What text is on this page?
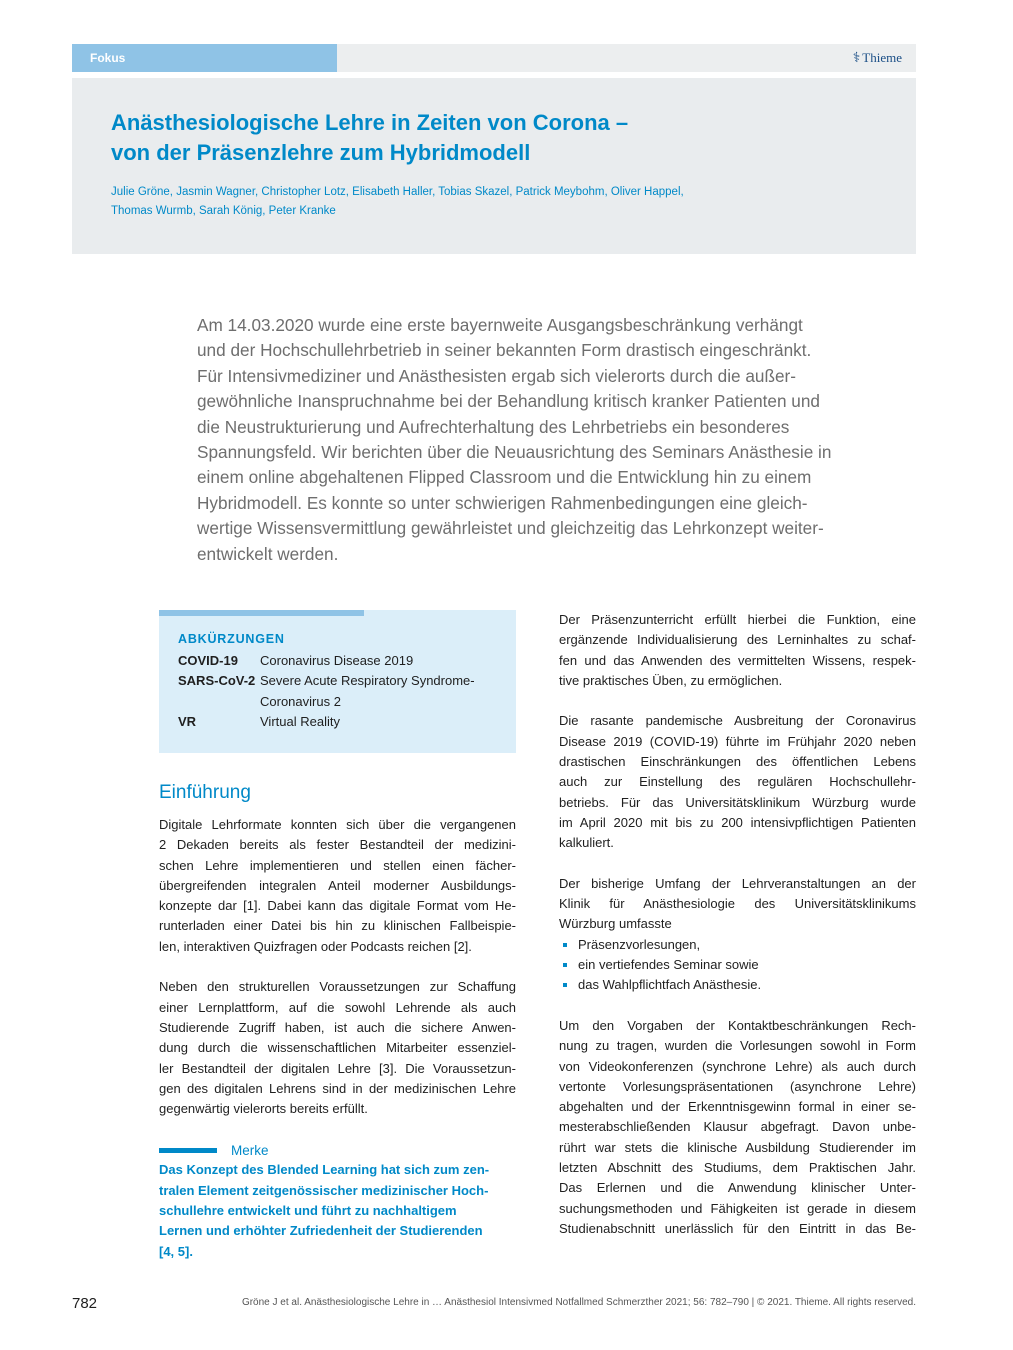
Fokus	⚕ Thieme
Anästhesiologische Lehre in Zeiten von Corona –
von der Präsenzlehre zum Hybridmodell

Julie Gröne, Jasmin Wagner, Christopher Lotz, Elisabeth Haller, Tobias Skazel, Patrick Meybohm, Oliver Happel,
Thomas Wurmb, Sarah König, Peter Kranke

Am 14.03.2020 wurde eine erste bayernweite Ausgangsbeschränkung verhängt
und der Hochschullehrbetrieb in seiner bekannten Form drastisch eingeschränkt.
Für Intensivmediziner und Anästhesisten ergab sich vielerorts durch die außer-
gewöhnliche Inanspruchnahme bei der Behandlung kritisch kranker Patienten und
die Neustrukturierung und Aufrechterhaltung des Lehrbetriebs ein besonderes
Spannungsfeld. Wir berichten über die Neuausrichtung des Seminars Anästhesie in
einem online abgehaltenen Flipped Classroom und die Entwicklung hin zu einem
Hybridmodell. Es konnte so unter schwierigen Rahmenbedingungen eine gleich-
wertige Wissensvermittlung gewährleistet und gleichzeitig das Lehrkonzept weiter-
entwickelt werden.

ABKÜRZUNGEN
COVID-19	Coronavirus Disease 2019
SARS-CoV-2 Severe Acute Respiratory Syndrome-
Coronavirus 2
VR	Virtual Reality
Einführung

Digitale Lehrformate konnten sich über die vergangenen
2 Dekaden bereits als fester Bestandteil der medizini-
schen Lehre implementieren und stellen einen fächer-
übergreifenden integralen Anteil moderner Ausbildungs-
konzepte dar [1]. Dabei kann das digitale Format vom He-
runterladen einer Datei bis hin zu klinischen Fallbeispie-
len, interaktiven Quizfragen oder Podcasts reichen [2].

Neben den strukturellen Voraussetzungen zur Schaffung
einer Lernplattform, auf die sowohl Lehrende als auch
Studierende Zugriff haben, ist auch die sichere Anwen-
dung durch die wissenschaftlichen Mitarbeiter essenziel-
ler Bestandteil der digitalen Lehre [3]. Die Voraussetzun-
gen des digitalen Lehrens sind in der medizinischen Lehre
gegenwärtig vielerorts bereits erfüllt.

Merke

Das Konzept des Blended Learning hat sich zum zen-
tralen Element zeitgenössischer medizinischer Hoch-
schullehre entwickelt und führt zu nachhaltigem
Lernen und erhöhter Zufriedenheit der Studierenden
[4, 5].

Der Präsenzunterricht erfüllt hierbei die Funktion, eine
ergänzende Individualisierung des Lerninhaltes zu schaf-
fen und das Anwenden des vermittelten Wissens, respek-
tive praktisches Üben, zu ermöglichen.

Die rasante pandemische Ausbreitung der Coronavirus
Disease 2019 (COVID-19) führte im Frühjahr 2020 neben
drastischen Einschränkungen des öffentlichen Lebens
auch zur Einstellung des regulären Hochschullehr-
betriebs. Für das Universitätsklinikum Würzburg wurde
im April 2020 mit bis zu 200 intensivpflichtigen Patienten
kalkuliert.

Der bisherige Umfang der Lehrveranstaltungen an der
Klinik für Anästhesiologie des Universitätsklinikums
Würzburg umfasste

Präsenzvorlesungen,
ein vertiefendes Seminar sowie
das Wahlpflichtfach Anästhesie.

Um den Vorgaben der Kontaktbeschränkungen Rech-
nung zu tragen, wurden die Vorlesungen sowohl in Form
von Videokonferenzen (synchrone Lehre) als auch durch
vertonte Vorlesungspräsentationen (asynchrone Lehre)
abgehalten und der Erkenntnisgewinn formal in einer se-
mesterabschließenden Klausur abgefragt. Davon unbe-
rührt war stets die klinische Ausbildung Studierender im
letzten Abschnitt des Studiums, dem Praktischen Jahr.
Das Erlernen und die Anwendung klinischer Unter-
suchungsmethoden und Fähigkeiten ist gerade in diesem
Studienabschnitt unerlässlich für den Eintritt in das Be-

782	Gröne J et al. Anästhesiologische Lehre in … Anästhesiol Intensivmed Notfallmed Schmerzther 2021; 56: 782–790 | © 2021. Thieme. All rights reserved.
